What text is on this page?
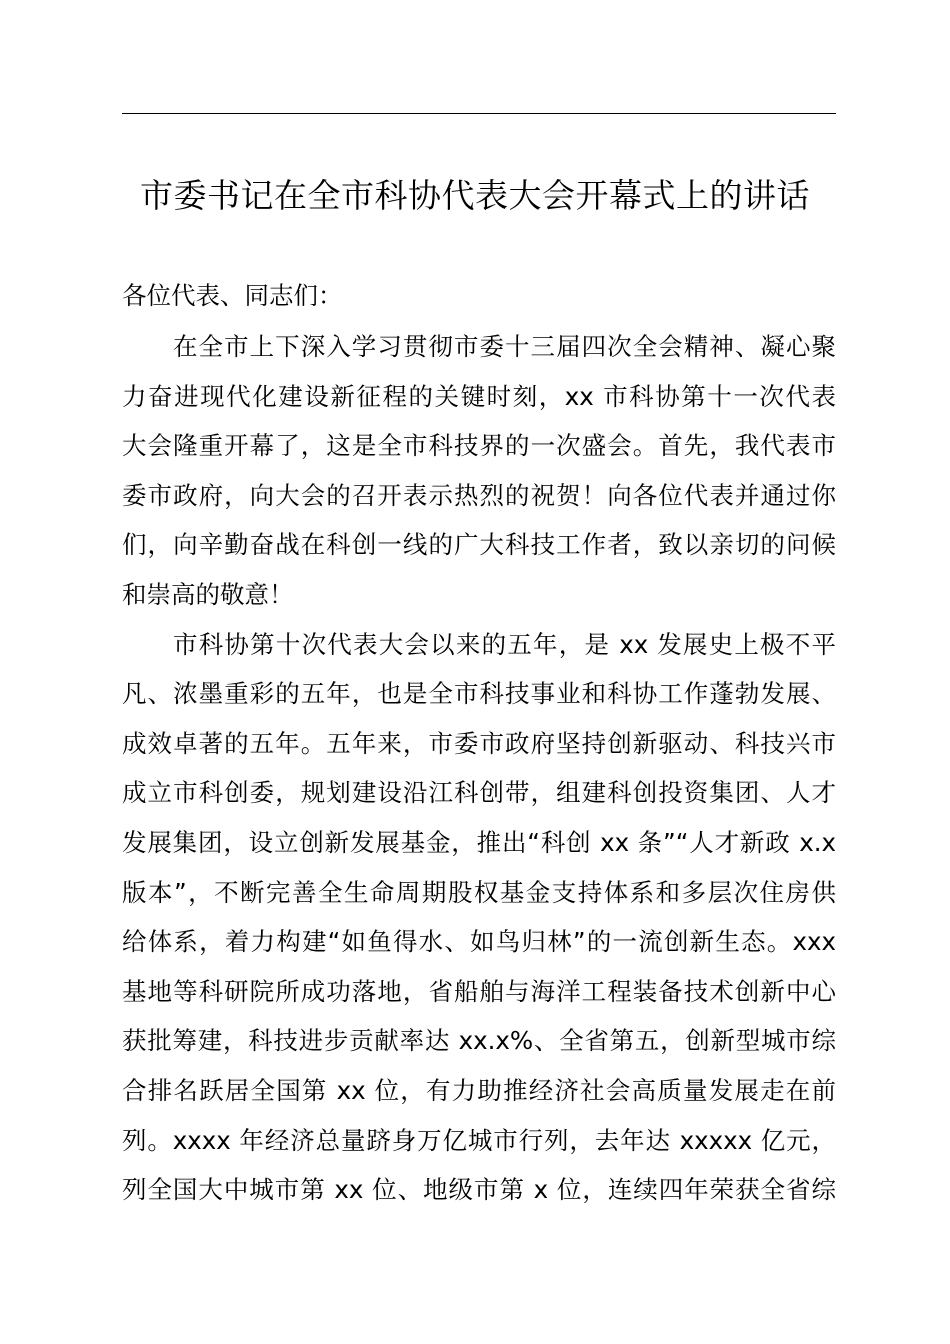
市委书记在全市科协代表大会开幕式上的讲话
各位代表、同志们：
在全市上下深入学习贯彻市委十三届四次全会精神、凝心聚
力奋进现代化建设新征程的关键时刻，xx 市科协第十一次代表
大会隆重开幕了，这是全市科技界的一次盛会。首先，我代表市
委市政府，向大会的召开表示热烈的祝贺！向各位代表并通过你
们，向辛勤奋战在科创一线的广大科技工作者，致以亲切的问候
和崇高的敬意！
市科协第十次代表大会以来的五年，是 xx 发展史上极不平
凡、浓墨重彩的五年，也是全市科技事业和科协工作蓬勃发展、
成效卓著的五年。五年来，市委市政府坚持创新驱动、科技兴市
成立市科创委，规划建设沿江科创带，组建科创投资集团、人才
发展集团，设立创新发展基金，推出“科创 xx 条”“人才新政 x.x
版本”，不断完善全生命周期股权基金支持体系和多层次住房供
给体系，着力构建“如鱼得水、如鸟归林”的一流创新生态。xxx
基地等科研院所成功落地，省船舶与海洋工程装备技术创新中心
获批筹建，科技进步贡献率达 xx.x%、全省第五，创新型城市综
合排名跃居全国第 xx 位，有力助推经济社会高质量发展走在前
列。xxxx 年经济总量跻身万亿城市行列，去年达 xxxxx 亿元，
列全国大中城市第 xx 位、地级市第 x 位，连续四年荣获全省综
